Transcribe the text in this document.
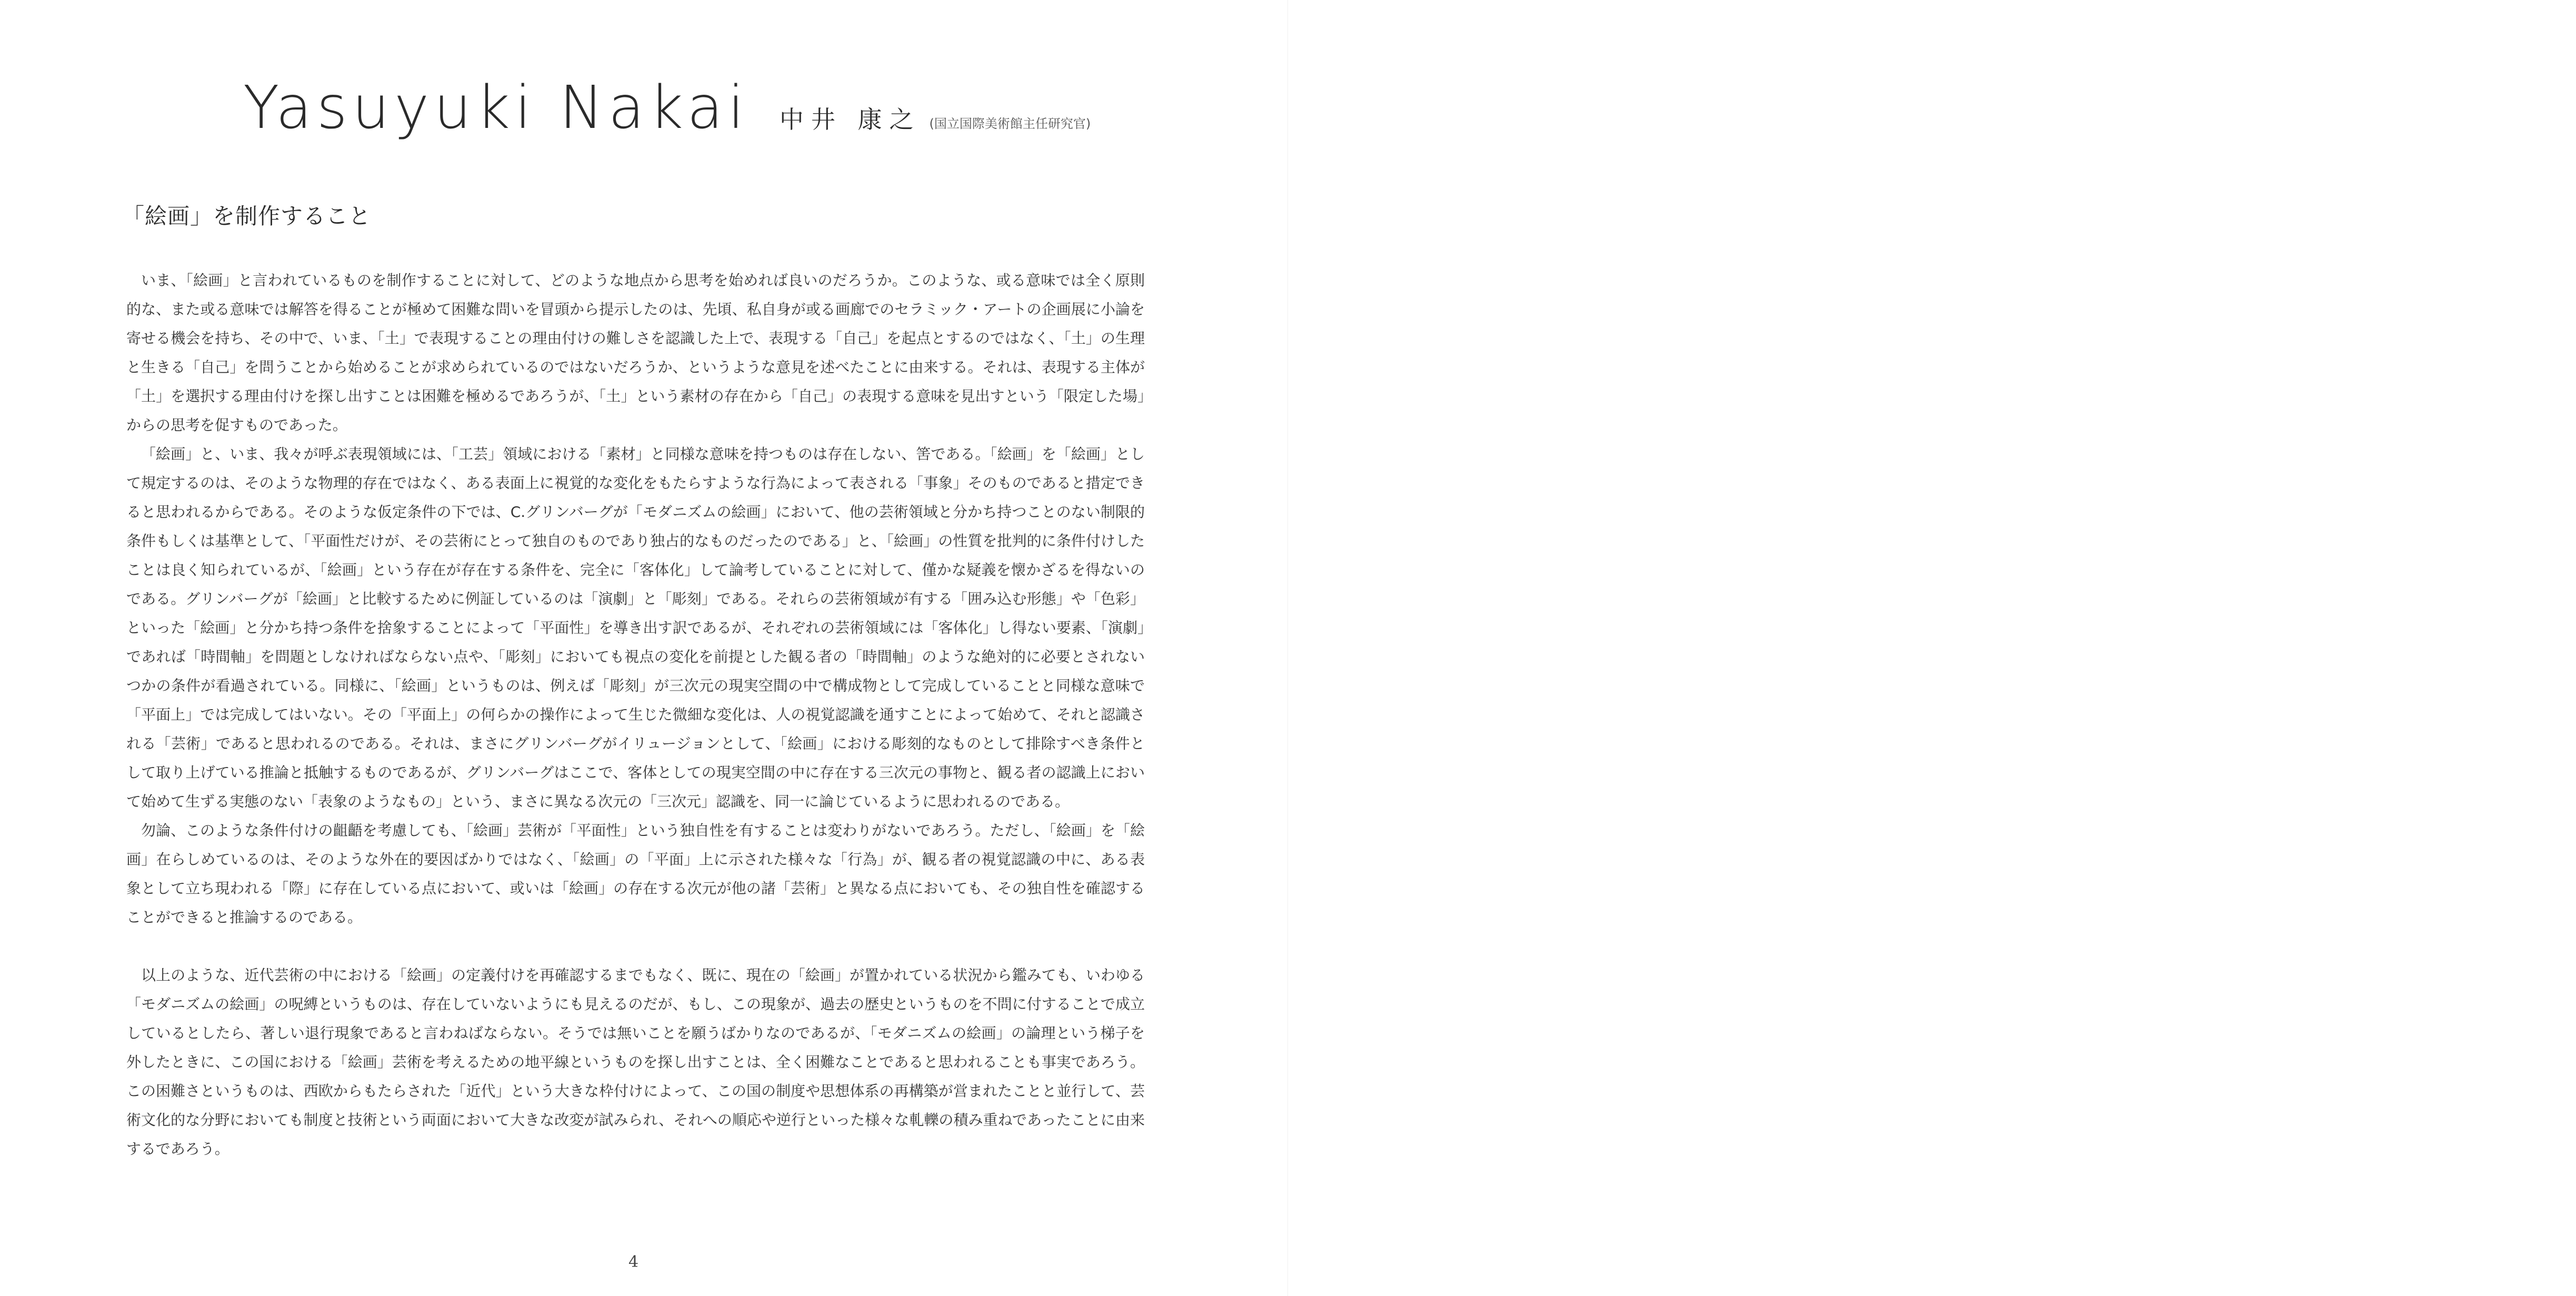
Yasuyuki Nakai 中井 康之 (国立国際美術館主任研究官)
「絵画」を制作すること

いま、「絵画」と言われているものを制作することに対して、どのような地点から思考を始めれば良いのだろうか。このような、或る意味では全く原則的な、また或る意味では解答を得ることが極めて困難な問いを冒頭から提示したのは、先頃、私自身が或る画廊でのセラミック・アートの企画展に小論を寄せる機会を持ち、その中で、いま、「土」で表現することの理由付けの難しさを認識した上で、表現する「自己」を起点とするのではなく、「土」の生理と生きる「自己」を問うことから始めることが求められているのではないだろうか、というような意見を述べたことに由来する。それは、表現する主体が「土」を選択する理由付けを探し出すことは困難を極めるであろうが、「土」という素材の存在から「自己」の表現する意味を見出すという「限定した場」からの思考を促すものであった。

「絵画」と、いま、我々が呼ぶ表現領域には、「工芸」領域における「素材」と同様な意味を持つものは存在しない、筈である。「絵画」を「絵画」として規定するのは、そのような物理的存在ではなく、ある表面上に視覚的な変化をもたらすような行為によって表される「事象」そのものであると措定できると思われるからである。そのような仮定条件の下では、C.グリンバーグが「モダニズムの絵画」において、他の芸術領域と分かち持つことのない制限的条件もしくは基準として、「平面性だけが、その芸術にとって独自のものであり独占的なものだったのである」と、「絵画」の性質を批判的に条件付けしたことは良く知られているが、「絵画」という存在が存在する条件を、完全に「客体化」して論考していることに対して、僅かな疑義を懐かざるを得ないのである。グリンバーグが「絵画」と比較するために例証しているのは「演劇」と「彫刻」である。それらの芸術領域が有する「囲み込む形態」や「色彩」といった「絵画」と分かち持つ条件を捨象することによって「平面性」を導き出す訳であるが、それぞれの芸術領域には「客体化」し得ない要素、「演劇」であれば「時間軸」を問題としなければならない点や、「彫刻」においても視点の変化を前提とした観る者の「時間軸」のような絶対的に必要とされないつかの条件が看過されている。同様に、「絵画」というものは、例えば「彫刻」が三次元の現実空間の中で構成物として完成していることと同様な意味で「平面上」では完成してはいない。その「平面上」の何らかの操作によって生じた微細な変化は、人の視覚認識を通すことによって始めて、それと認識される「芸術」であると思われるのである。それは、まさにグリンバーグがイリュージョンとして、「絵画」における彫刻的なものとして排除すべき条件として取り上げている推論と抵触するものであるが、グリンバーグはここで、客体としての現実空間の中に存在する三次元の事物と、観る者の認識上において始めて生ずる実態のない「表象のようなもの」という、まさに異なる次元の「三次元」認識を、同一に論じているように思われるのである。

勿論、このような条件付けの齟齬を考慮しても、「絵画」芸術が「平面性」という独自性を有することは変わりがないであろう。ただし、「絵画」を「絵画」在らしめているのは、そのような外在的要因ばかりではなく、「絵画」の「平面」上に示された様々な「行為」が、観る者の視覚認識の中に、ある表象として立ち現われる「際」に存在している点において、或いは「絵画」の存在する次元が他の諸「芸術」と異なる点においても、その独自性を確認することができると推論するのである。

以上のような、近代芸術の中における「絵画」の定義付けを再確認するまでもなく、既に、現在の「絵画」が置かれている状況から鑑みても、いわゆる「モダニズムの絵画」の呪縛というものは、存在していないようにも見えるのだが、もし、この現象が、過去の歴史というものを不問に付することで成立しているとしたら、著しい退行現象であると言わねばならない。そうでは無いことを願うばかりなのであるが、「モダニズムの絵画」の論理という梯子を外したときに、この国における「絵画」芸術を考えるための地平線というものを探し出すことは、全く困難なことであると思われることも事実であろう。この困難さというものは、西欧からもたらされた「近代」という大きな枠付けによって、この国の制度や思想体系の再構築が営まれたことと並行して、芸術文化的な分野においても制度と技術という両面において大きな改変が試みられ、それへの順応や逆行といった様々な軋轢の積み重ねであったことに由来するであろう。

4
